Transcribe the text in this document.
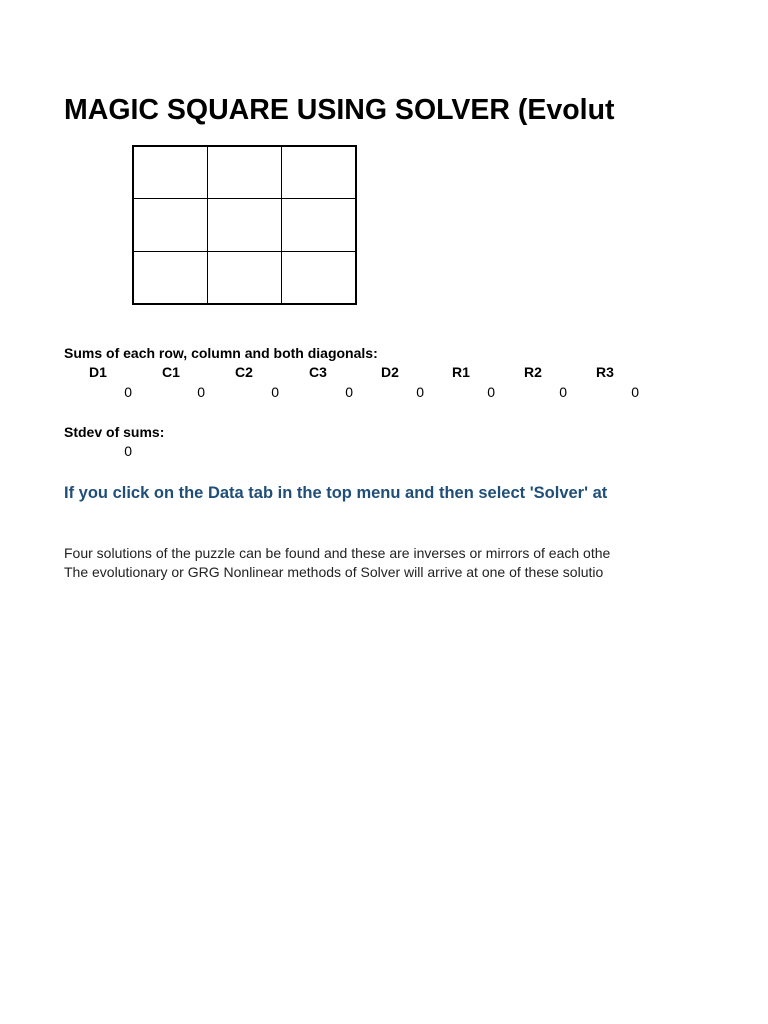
MAGIC SQUARE USING SOLVER (Evolut

Sums of each row, column and both diagonals:
D1	C1	C2	C3	D2	R1	R2	R3
0	0	0	0	0	0	0	0
Stdev of sums:
0
If you click on the Data tab in the top menu and then select 'Solver' at
Four solutions of the puzzle can be found and these are inverses or mirrors of each othe
The evolutionary or GRG Nonlinear methods of Solver will arrive at one of these solutio
